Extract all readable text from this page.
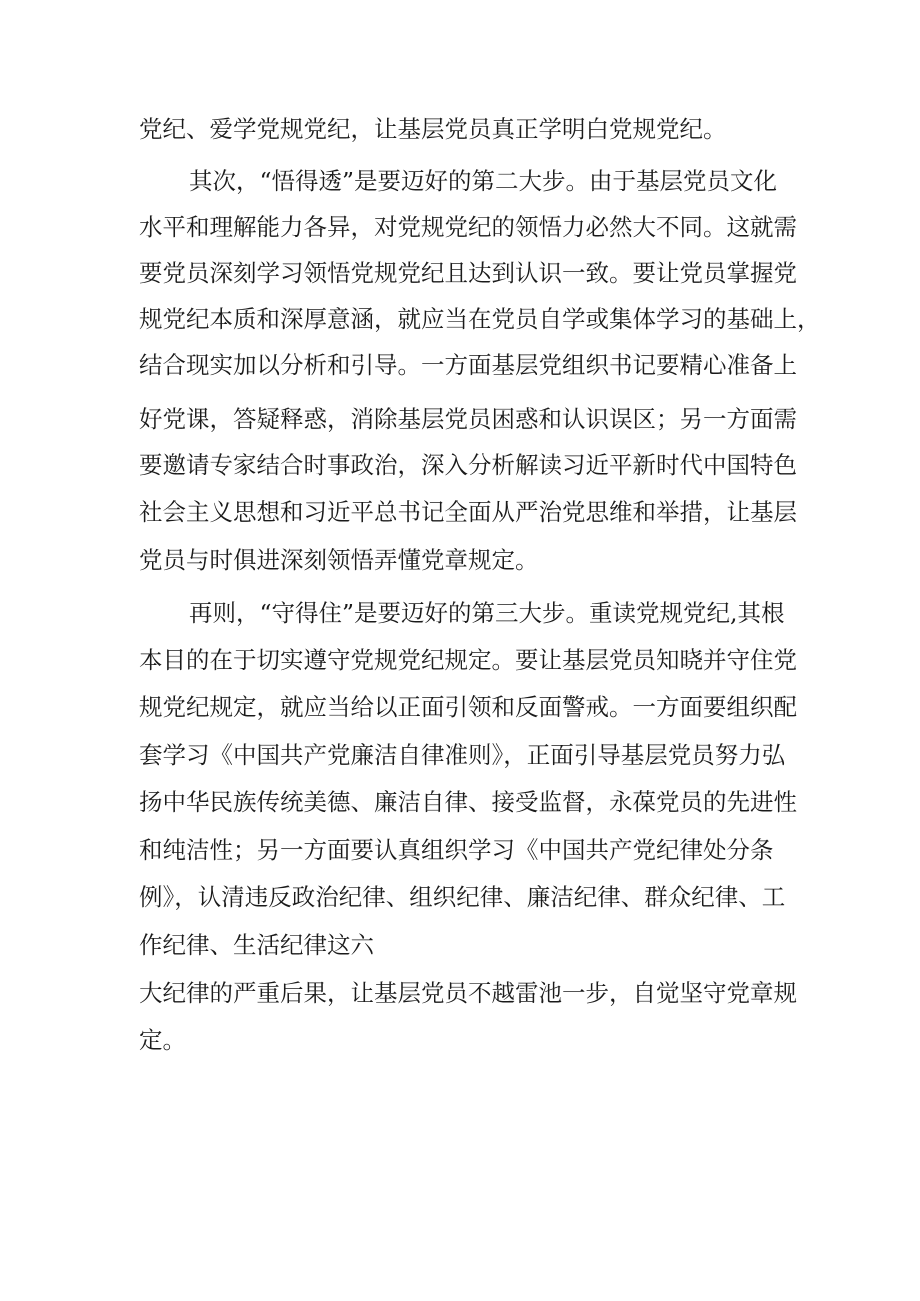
党纪、爱学党规党纪，让基层党员真正学明白党规党纪。
其次，“悟得透”是要迈好的第二大步。由于基层党员文化
水平和理解能力各异，对党规党纪的领悟力必然大不同。这就需
要党员深刻学习领悟党规党纪且达到认识一致。要让党员掌握党
规党纪本质和深厚意涵，就应当在党员自学或集体学习的基础上，
结合现实加以分析和引导。一方面基层党组织书记要精心准备上
好党课，答疑释惑，消除基层党员困惑和认识误区；另一方面需
要邀请专家结合时事政治，深入分析解读习近平新时代中国特色
社会主义思想和习近平总书记全面从严治党思维和举措，让基层
党员与时俱进深刻领悟弄懂党章规定。
再则，“守得住”是要迈好的第三大步。重读党规党纪,其根
本目的在于切实遵守党规党纪规定。要让基层党员知晓并守住党
规党纪规定，就应当给以正面引领和反面警戒。一方面要组织配
套学习《中国共产党廉洁自律准则》，正面引导基层党员努力弘
扬中华民族传统美德、廉洁自律、接受监督，永葆党员的先进性
和纯洁性；另一方面要认真组织学习《中国共产党纪律处分条
例》，认清违反政治纪律、组织纪律、廉洁纪律、群众纪律、工
作纪律、生活纪律这六
大纪律的严重后果，让基层党员不越雷池一步，自觉坚守党章规
定。
